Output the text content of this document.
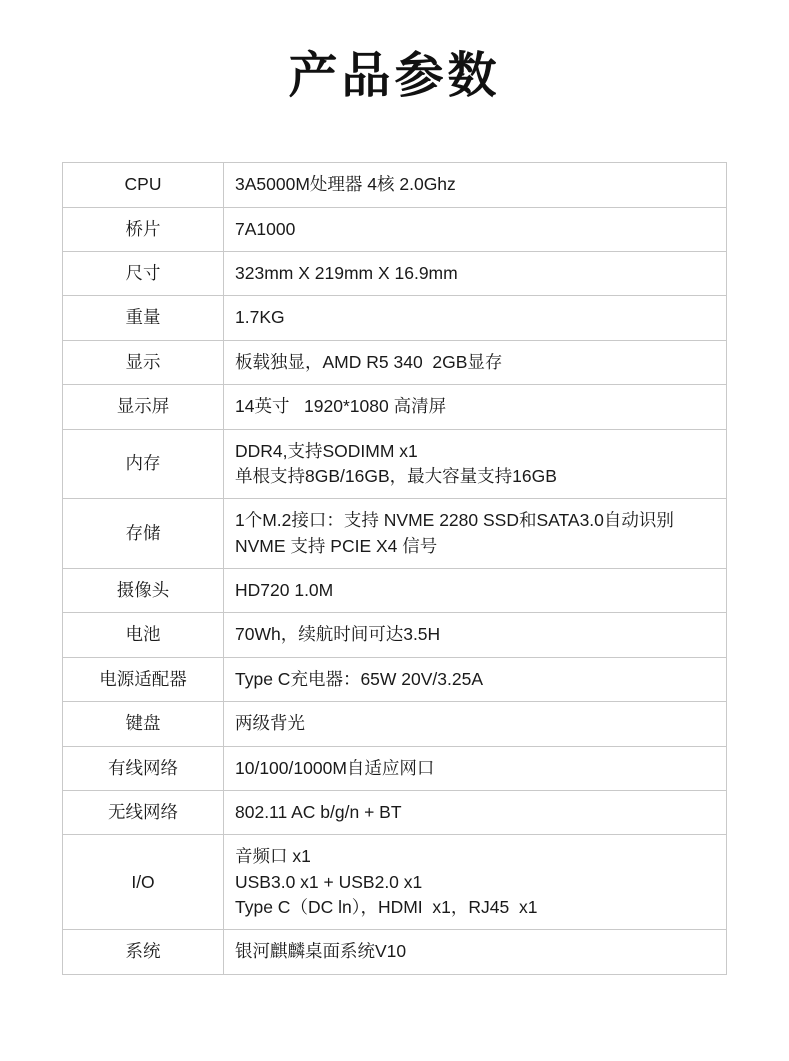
产品参数
CPU	3A5000M处理器 4核 2.0Ghz

桥片	7A1000

尺寸	323mm X 219mm X 16.9mm

重量	1.7KG

显示	板载独显，AMD R5 340  2GB显存

显示屏	14英寸   1920*1080 高清屏

内存	DDR4,支持SODIMM x1
单根支持8GB/16GB，最大容量支持16GB

存储	1个M.2接口：支持 NVME 2280 SSD和SATA3.0自动识别
NVME 支持 PCIE X4 信号

摄像头	HD720 1.0M

电池	70Wh，续航时间可达3.5H

电源适配器	Type C充电器：65W 20V/3.25A

键盘	两级背光

有线网络	10/100/1000M自适应网口

无线网络	802.11 AC b/g/n + BT

I/O	音频口 x1
USB3.0 x1 + USB2.0 x1
Type C（DC ln），HDMI  x1，RJ45  x1

系统	银河麒麟桌面系统V10
